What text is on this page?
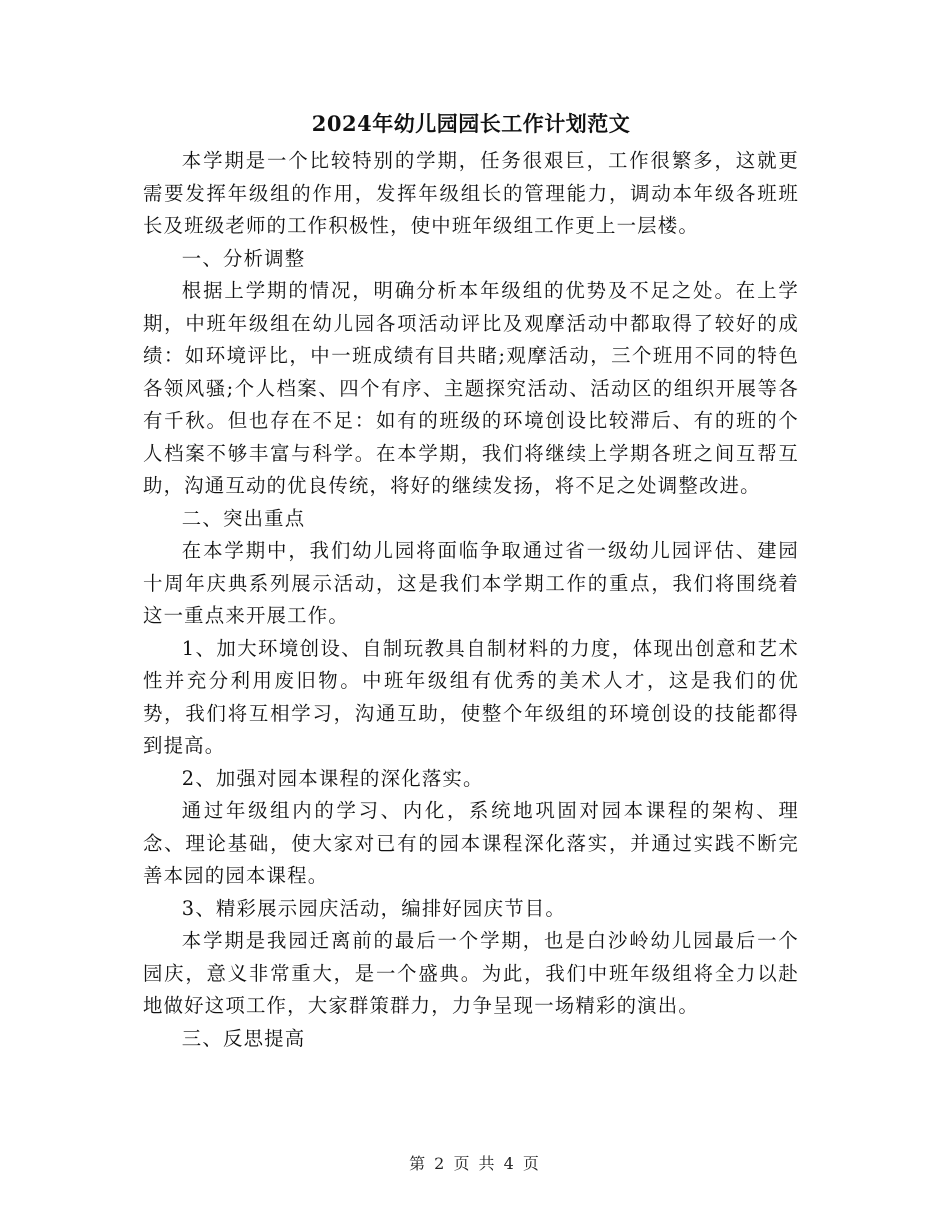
2024年幼儿园园长工作计划范文

本学期是一个比较特别的学期，任务很艰巨，工作很繁多，这就更需要发挥年级组的作用，发挥年级组长的管理能力，调动本年级各班班长及班级老师的工作积极性，使中班年级组工作更上一层楼。

一、分析调整

根据上学期的情况，明确分析本年级组的优势及不足之处。在上学期，中班年级组在幼儿园各项活动评比及观摩活动中都取得了较好的成绩：如环境评比，中一班成绩有目共睹;观摩活动，三个班用不同的特色各领风骚;个人档案、四个有序、主题探究活动、活动区的组织开展等各有千秋。但也存在不足：如有的班级的环境创设比较滞后、有的班的个人档案不够丰富与科学。在本学期，我们将继续上学期各班之间互帮互助，沟通互动的优良传统，将好的继续发扬，将不足之处调整改进。

二、突出重点

在本学期中，我们幼儿园将面临争取通过省一级幼儿园评估、建园十周年庆典系列展示活动，这是我们本学期工作的重点，我们将围绕着这一重点来开展工作。

1、加大环境创设、自制玩教具自制材料的力度，体现出创意和艺术性并充分利用废旧物。中班年级组有优秀的美术人才，这是我们的优势，我们将互相学习，沟通互助，使整个年级组的环境创设的技能都得到提高。

2、加强对园本课程的深化落实。

通过年级组内的学习、内化，系统地巩固对园本课程的架构、理念、理论基础，使大家对已有的园本课程深化落实，并通过实践不断完善本园的园本课程。

3、精彩展示园庆活动，编排好园庆节目。

本学期是我园迁离前的最后一个学期，也是白沙岭幼儿园最后一个园庆，意义非常重大，是一个盛典。为此，我们中班年级组将全力以赴地做好这项工作，大家群策群力，力争呈现一场精彩的演出。

三、反思提高

第 2 页 共 4 页
